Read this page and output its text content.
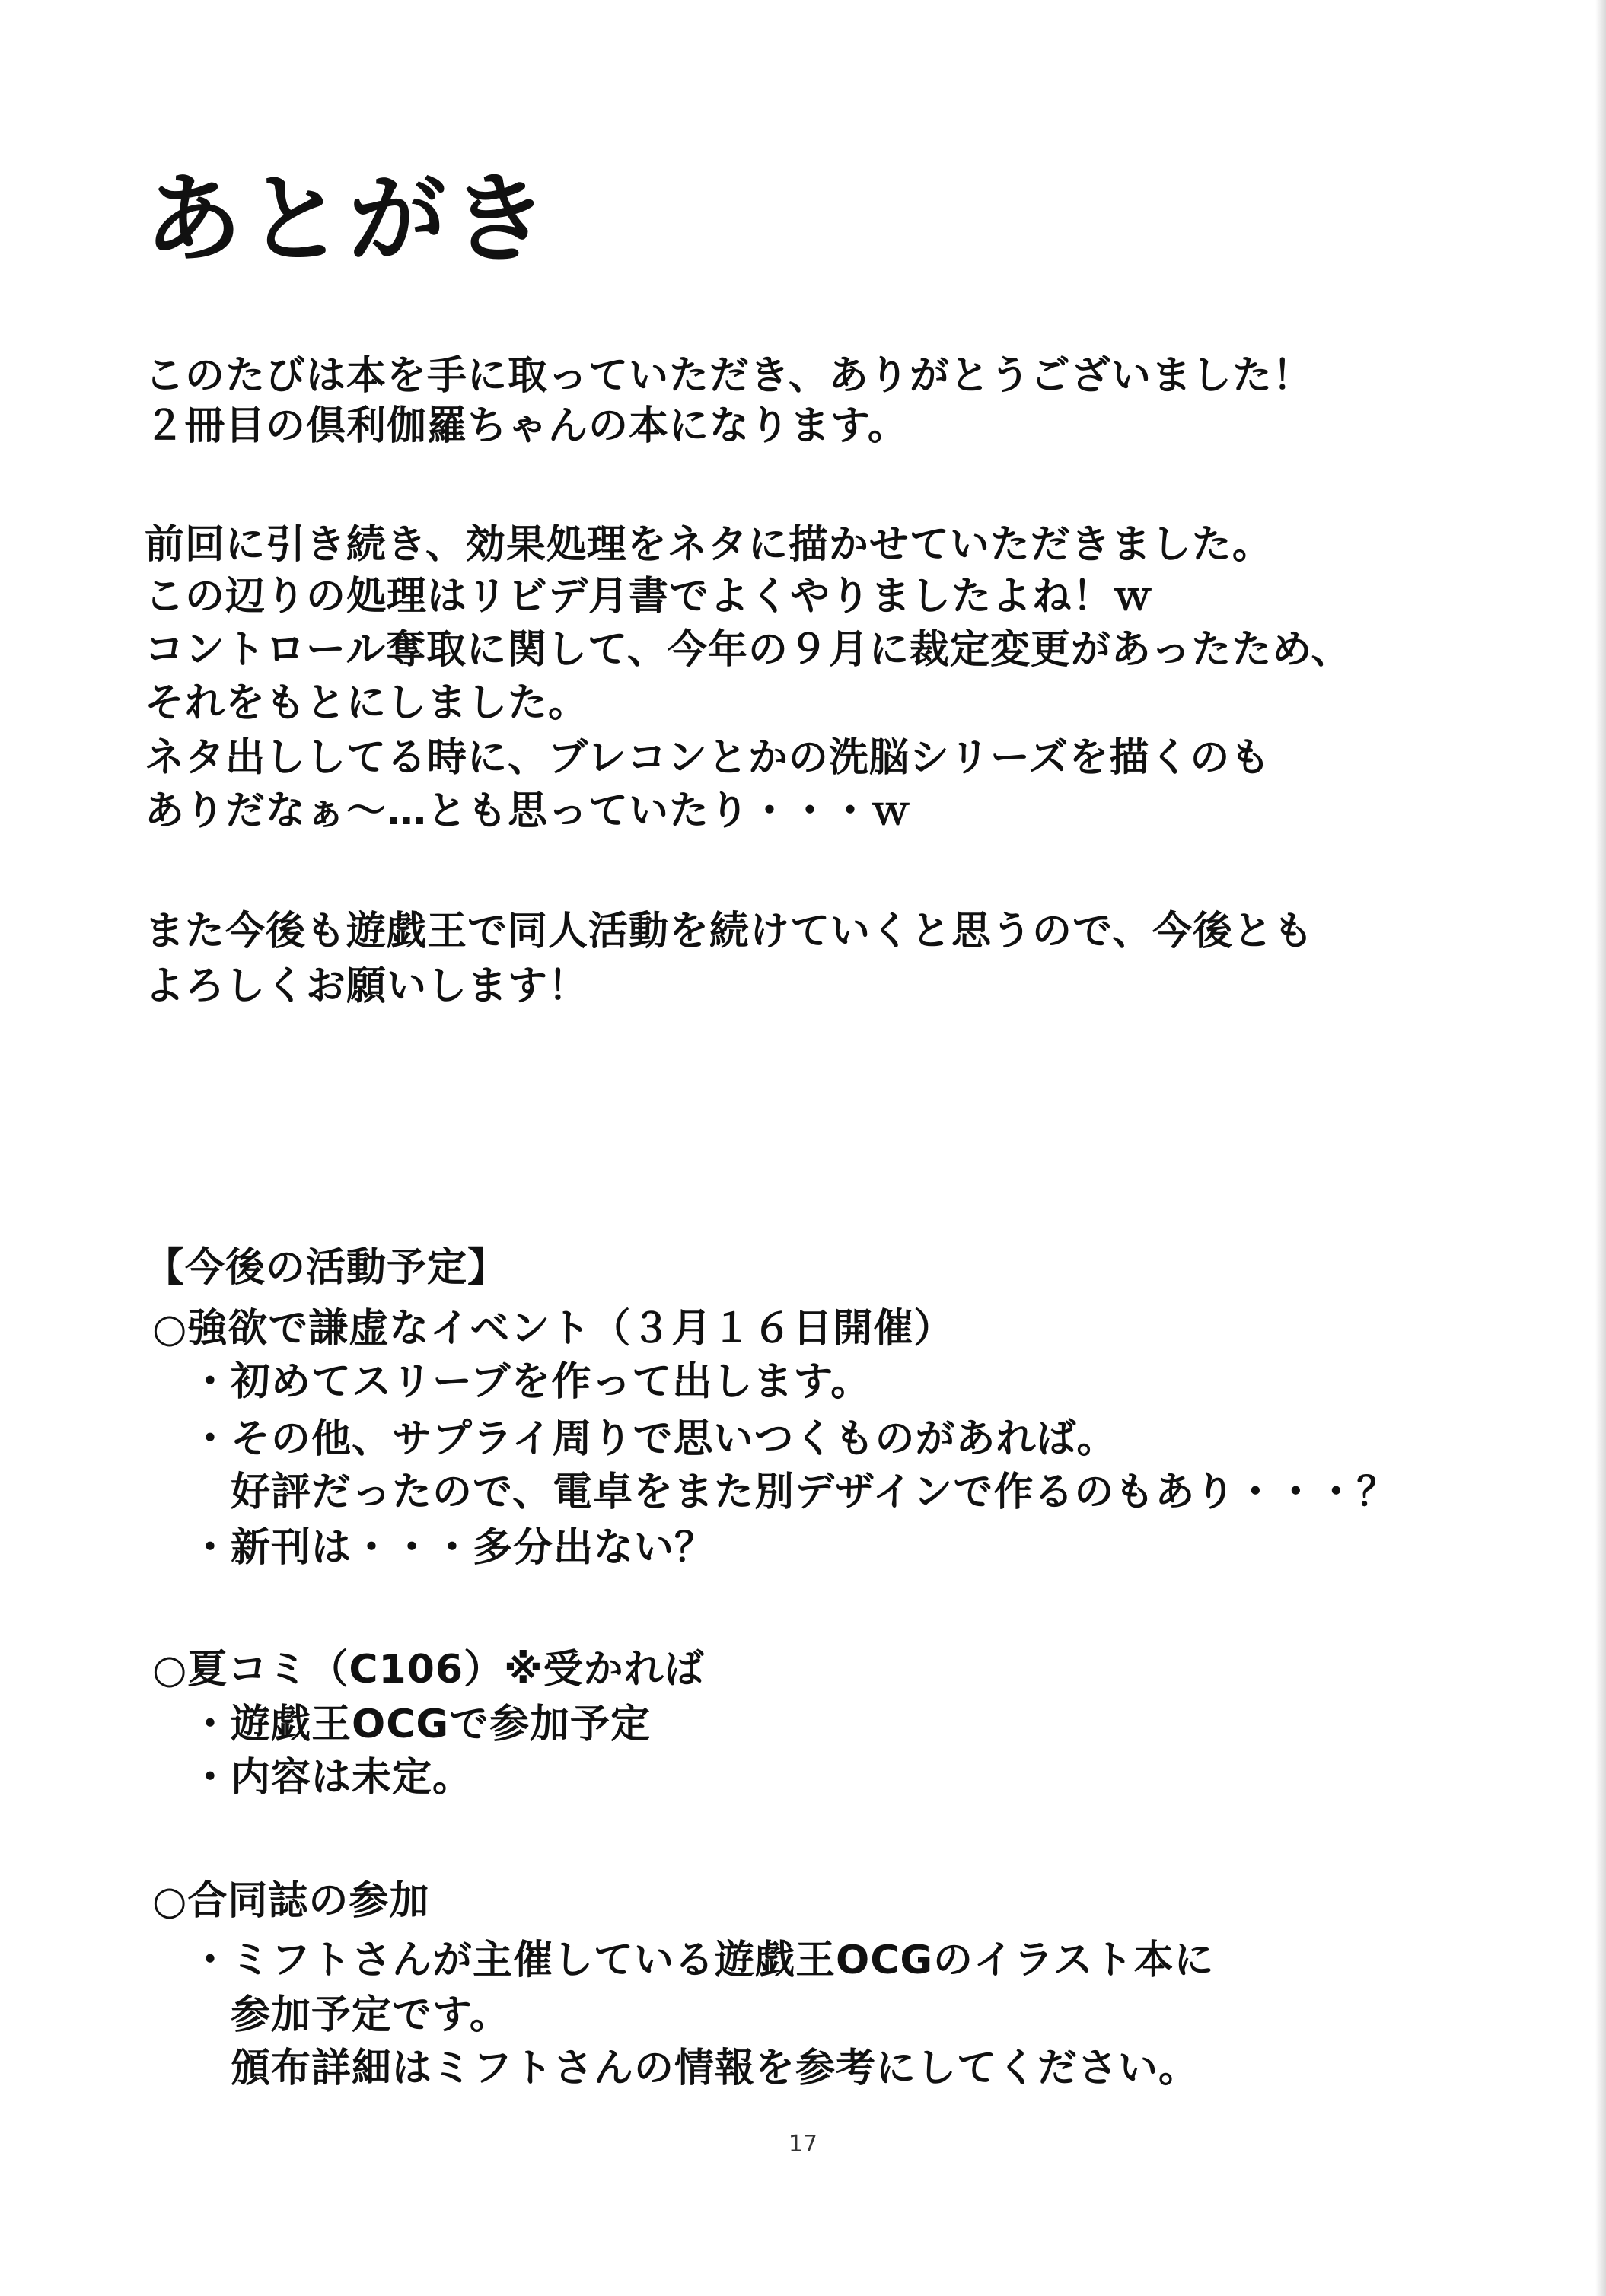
あとがき
このたびは本を手に取っていただき、ありがとうございました！
２冊目の倶利伽羅ちゃんの本になります。
前回に引き続き、効果処理をネタに描かせていただきました。
この辺りの処理はリビデ月書でよくやりましたよね！ｗ
コントロール奪取に関して、今年の９月に裁定変更があったため、
それをもとにしました。
ネタ出ししてる時に、ブレコンとかの洗脳シリーズを描くのも
ありだなぁ～…とも思っていたり・・・ｗ
また今後も遊戯王で同人活動を続けていくと思うので、今後とも
よろしくお願いします！
【今後の活動予定】
○強欲で謙虚なイベント（３月１６日開催）
・初めてスリーブを作って出します。
・その他、サプライ周りで思いつくものがあれば。
　好評だったので、電卓をまた別デザインで作るのもあり・・・？
・新刊は・・・多分出ない？
○夏コミ（C106）※受かれば
・遊戯王OCGで参加予定
・内容は未定。
○合同誌の参加
・ミフトさんが主催している遊戯王OCGのイラスト本に
　参加予定です。
　頒布詳細はミフトさんの情報を参考にしてください。
17
